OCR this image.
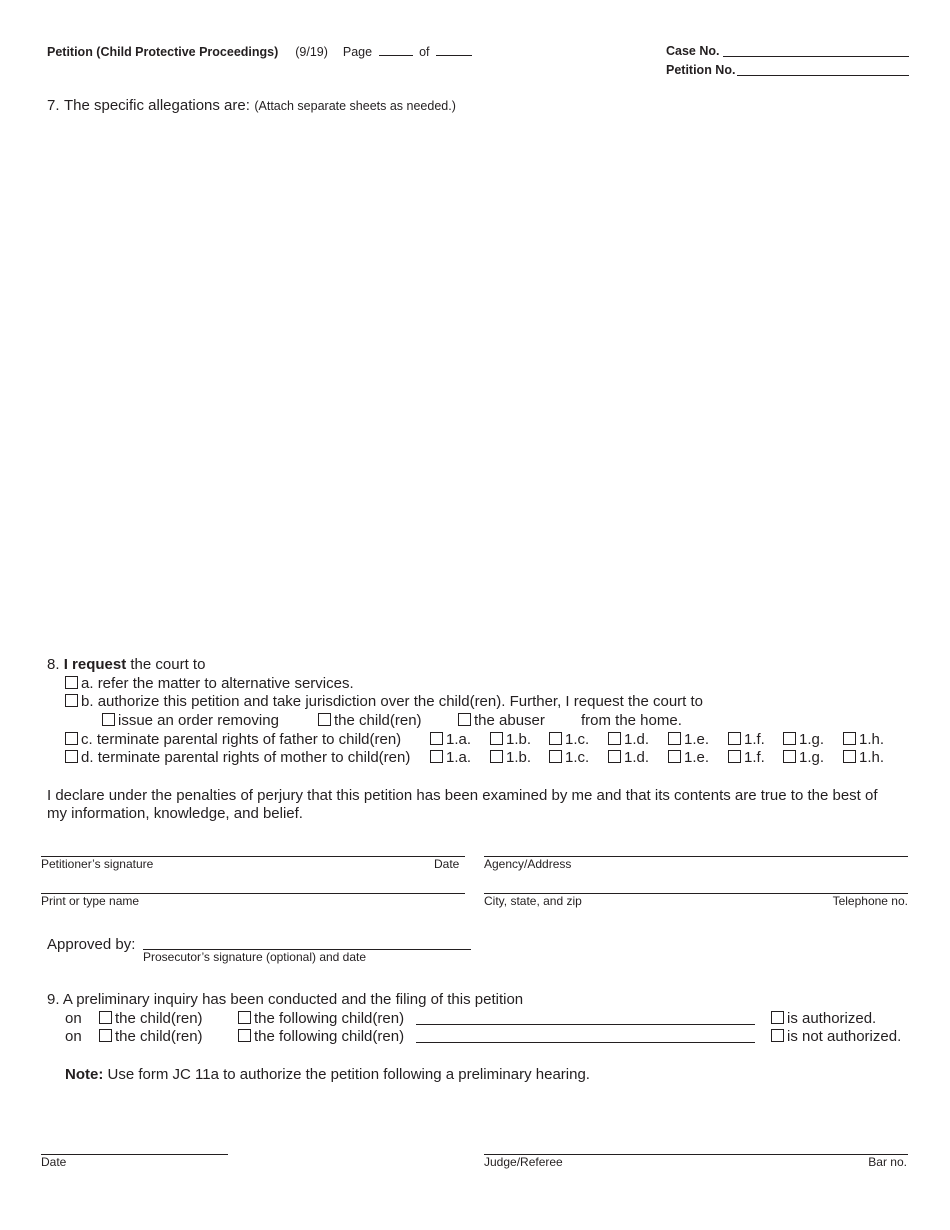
Petition (Child Protective Proceedings) (9/19) Page	of	Case No.
Petition No.
7. The specific allegations are: (Attach separate sheets as needed.)
8. I request the court to
a. refer the matter to alternative services.
b. authorize this petition and take jurisdiction over the child(ren). Further, I request the court to
issue an order removing	the child(ren)	the abuser from the home.
c. terminate parental rights of father to child(ren)	1.a.	1.b.	1.c.	1.d.	1.e.	1.f.	1.g.	1.h.
d. terminate parental rights of mother to child(ren)	1.a.	1.b.	1.c.	1.d.	1.e.	1.f.	1.g.	1.h.
I declare under the penalties of perjury that this petition has been examined by me and that its contents are true to the best of
my information, knowledge, and belief.
Petitioner’s signature	Date Agency/Address
Print or type name	City, state, and zip	Telephone no.
Approved by:
Prosecutor’s signature (optional) and date
9. A preliminary inquiry has been conducted and the filing of this petition
on	the child(ren)	the following child(ren)	is authorized.
on	the child(ren)	the following child(ren)	is not authorized.
Note: Use form JC 11a to authorize the petition following a preliminary hearing.
Date	Judge/Referee	Bar no.
